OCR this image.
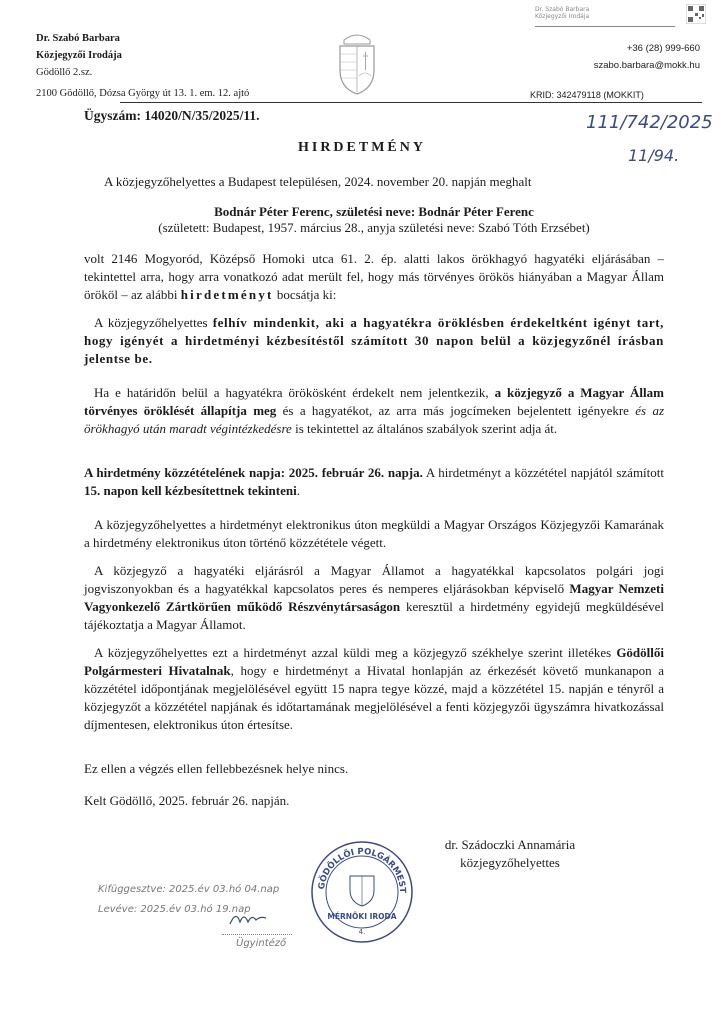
Dr. Szabó Barbara
Közjegyzői Irodája
Dr. Szabó Barbara
Közjegyzői Irodája
Gödöllő 2.sz.
2100 Gödöllő, Dózsa György út 13. 1. em. 12. ajtó
+36 (28) 999-660
szabo.barbara@mokk.hu
KRID: 342479118 (MOKKIT)
Ügyszám: 14020/N/35/2025/11.	111/742/2025
11/94.
HIRDETMÉNY
A közjegyzőhelyettes a Budapest településen, 2024. november 20. napján meghalt
Bodnár Péter Ferenc, születési neve: Bodnár Péter Ferenc
(született: Budapest, 1957. március 28., anyja születési neve: Szabó Tóth Erzsébet)
volt 2146 Mogyoród, Középső Homoki utca 61. 2. ép. alatti lakos örökhagyó hagyatéki eljárásában – tekintettel arra, hogy arra vonatkozó adat merült fel, hogy más törvényes örökös hiányában a Magyar Állam örököl – az alábbi hirdetményt bocsátja ki:
A közjegyzőhelyettes felhív mindenkit, aki a hagyatékra öröklésben érdekeltként igényt tart, hogy igényét a hirdetményi kézbesítéstől számított 30 napon belül a közjegyzőnél írásban jelentse be.
Ha e határidőn belül a hagyatékra örökösként érdekelt nem jelentkezik, a közjegyző a Magyar Állam törvényes öröklését állapítja meg és a hagyatékot, az arra más jogcímeken bejelentett igényekre és az örökhagyó után maradt végintézkedésre is tekintettel az általános szabályok szerint adja át.
A hirdetmény közzétételének napja: 2025. február 26. napja. A hirdetményt a közzététel napjától számított 15. napon kell kézbesítettnek tekinteni.
A közjegyzőhelyettes a hirdetményt elektronikus úton megküldi a Magyar Országos Közjegyzői Kamarának a hirdetmény elektronikus úton történő közzététele végett.
A közjegyző a hagyatéki eljárásról a Magyar Államot a hagyatékkal kapcsolatos polgári jogi jogviszonyokban és a hagyatékkal kapcsolatos peres és nemperes eljárásokban képviselő Magyar Nemzeti Vagyonkezelő Zártkörűen működő Részvénytársaságon keresztül a hirdetmény egyidejű megküldésével tájékoztatja a Magyar Államot.
A közjegyzőhelyettes ezt a hirdetményt azzal küldi meg a közjegyző székhelye szerint illetékes Gödöllői Polgármesteri Hivatalnak, hogy e hirdetményt a Hivatal honlapján az érkezését követő munkanapon a közzététel időpontjának megjelölésével együtt 15 napra tegye közzé, majd a közzététel 15. napján e tényről a közjegyzőt a közzététel napjának és időtartamának megjelölésével a fenti közjegyzői ügyszámra hivatkozással díjmentesen, elektronikus úton értesítse.
Ez ellen a végzés ellen fellebbezésnek helye nincs.
Kelt Gödöllő, 2025. február 26. napján.
dr. Szádoczki Annamária
közjegyzőhelyettes
Kifüggesztve: 2025.év 03.hó 04.nap
Levéve: 2025.év 03.hó 19.nap
Ügyintéző
GÖDÖLLŐI POLGÁRMEST
MÉRNÖKI IRODA
4.
